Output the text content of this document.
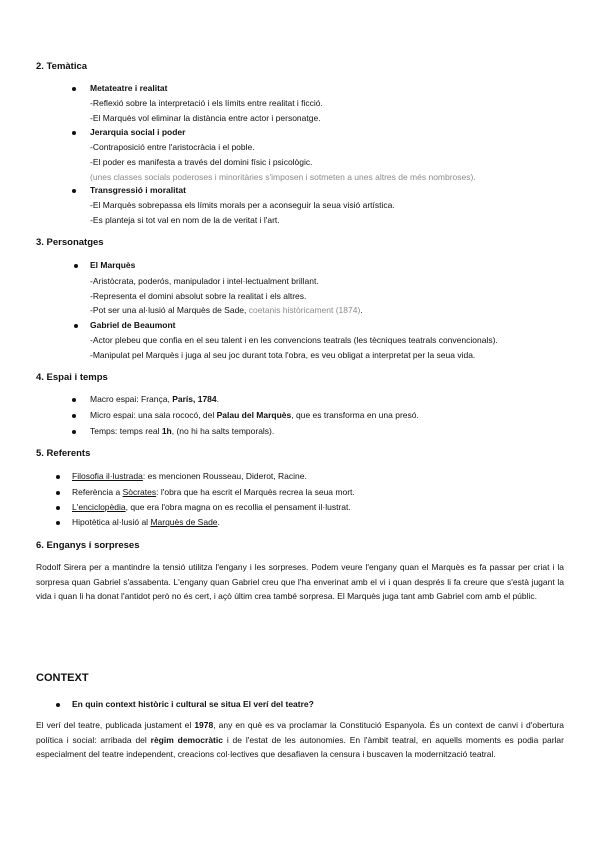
2. Temàtica
Metateatre i realitat
-Reflexió sobre la interpretació i els límits entre realitat i ficció.
-El Marquès vol eliminar la distància entre actor i personatge.
Jerarquia social i poder
-Contraposició entre l'aristocràcia i el poble.
-El poder es manifesta a través del domini físic i psicològic.
(unes classes socials poderoses i minoritàries s'imposen i sotmeten a unes altres de més nombroses).
Transgressió i moralitat
-El Marquès sobrepassa els límits morals per a aconseguir la seua visió artística.
-Es planteja si tot val en nom de la de veritat i l'art.
3. Personatges
El Marquès
-Aristòcrata, poderós, manipulador i intel·lectualment brillant.
-Representa el domini absolut sobre la realitat i els altres.
-Pot ser una al·lusió al Marquès de Sade, coetanis històricament (1874).
Gabriel de Beaumont
-Actor plebeu que confia en el seu talent i en les convencions teatrals (les tècniques teatrals convencionals).
-Manipulat pel Marquès i juga al seu joc durant tota l'obra, es veu obligat a interpretat per la seua vida.
4. Espai i temps
Macro espai: França, París, 1784.
Micro espai: una sala rococó, del Palau del Marquès, que es transforma en una presó.
Temps: temps real 1h, (no hi ha salts temporals).
5. Referents
Filosofia il·lustrada: es mencionen Rousseau, Diderot, Racine.
Referència a Sòcrates: l'obra que ha escrit el Marquès recrea la seua mort.
L'enciclopèdia, que era l'obra magna on es recollia el pensament il·lustrat.
Hipotètica al·lusió al Marquès de Sade.
6. Enganys i sorpreses

Rodolf Sirera per a mantindre la tensió utilitza l'engany i les sorpreses. Podem veure l'engany quan el Marquès es fa passar per criat i la sorpresa quan Gabriel s'assabenta. L'engany quan Gabriel creu que l'ha enverinat amb el vi i quan després li fa creure que s'està jugant la vida i quan li ha donat l'antidot però no és cert, i açò últim crea també sorpresa. El Marquès juga tant amb Gabriel com amb el públic.

CONTEXT
En quin context històric i cultural se situa El verí del teatre?

El verí del teatre, publicada justament el 1978, any en què es va proclamar la Constitució Espanyola. És un context de canvi i d'obertura política i social: arribada del règim democràtic i de l'estat de les autonomies. En l'àmbit teatral, en aquells moments es podia parlar especialment del teatre independent, creacions col·lectives que desafiaven la censura i buscaven la modernització teatral.
